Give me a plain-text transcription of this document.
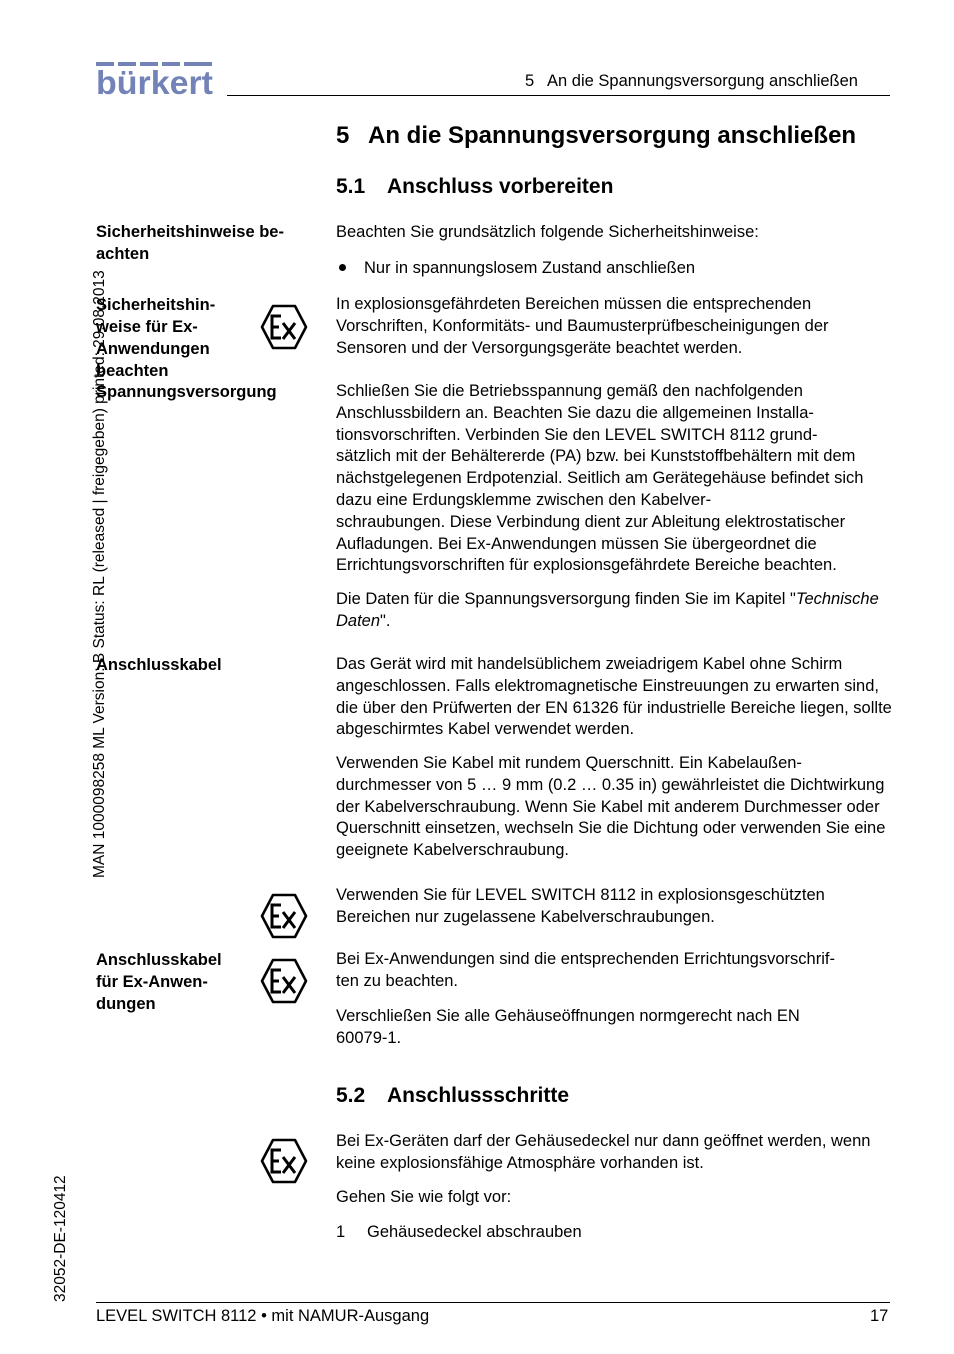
bürkert	5   An die Spannungsversorgung anschließen
MAN 1000098258 ML Version: B Status: RL (released | freigegeben) printed: 29.08.2013
32052-DE-120412
5 An die Spannungsversorgung anschließen
5.1 Anschluss vorbereiten
5.2 Anschlussschritte
Sicherheitshinweise be-
achten
Sicherheitshin-
weise für Ex-
Anwendungen
beachten
Spannungsversorgung
Anschlusskabel
Anschlusskabel
für Ex-Anwen-
dungen
Beachten Sie grundsätzlich folgende Sicherheitshinweise:
Nur in spannungslosem Zustand anschließen
In explosionsgefährdeten Bereichen müssen die entsprechenden Vorschriften, Konformitäts- und Baumusterprüfbescheinigungen der Sensoren und der Versorgungsgeräte beachtet werden.
Schließen Sie die Betriebsspannung gemäß den nachfolgenden Anschlussbildern an. Beachten Sie dazu die allgemeinen Installa-
tionsvorschriften. Verbinden Sie den LEVEL SWITCH 8112 grund-
sätzlich mit der Behältererde (PA) bzw. bei Kunststoffbehältern mit dem nächstgelegenen Erdpotenzial. Seitlich am Gerätegehäuse befindet sich dazu eine Erdungsklemme zwischen den Kabelver-
schraubungen. Diese Verbindung dient zur Ableitung elektrostatischer Aufladungen. Bei Ex-Anwendungen müssen Sie übergeordnet die Errichtungsvorschriften für explosionsgefährdete Bereiche beachten.
Die Daten für die Spannungsversorgung finden Sie im Kapitel "Technische Daten".
Das Gerät wird mit handelsüblichem zweiadrigem Kabel ohne Schirm angeschlossen. Falls elektromagnetische Einstreuungen zu erwarten sind, die über den Prüfwerten der EN 61326 für industrielle Bereiche liegen, sollte abgeschirmtes Kabel verwendet werden.
Verwenden Sie Kabel mit rundem Querschnitt. Ein Kabelaußen-
durchmesser von 5 … 9 mm (0.2 … 0.35 in) gewährleistet die Dichtwirkung der Kabelverschraubung. Wenn Sie Kabel mit anderem Durchmesser oder Querschnitt einsetzen, wechseln Sie die Dichtung oder verwenden Sie eine geeignete Kabelverschraubung.
Verwenden Sie für LEVEL SWITCH 8112 in explosionsgeschützten Bereichen nur zugelassene Kabelverschraubungen.
Bei Ex-Anwendungen sind die entsprechenden Errichtungsvorschrif-
ten zu beachten.
Verschließen Sie alle Gehäuseöffnungen normgerecht nach EN 60079-1.
Bei Ex-Geräten darf der Gehäusedeckel nur dann geöffnet werden, wenn keine explosionsfähige Atmosphäre vorhanden ist.
Gehen Sie wie folgt vor:
1 Gehäusedeckel abschrauben
LEVEL SWITCH 8112 • mit NAMUR-Ausgang	17
